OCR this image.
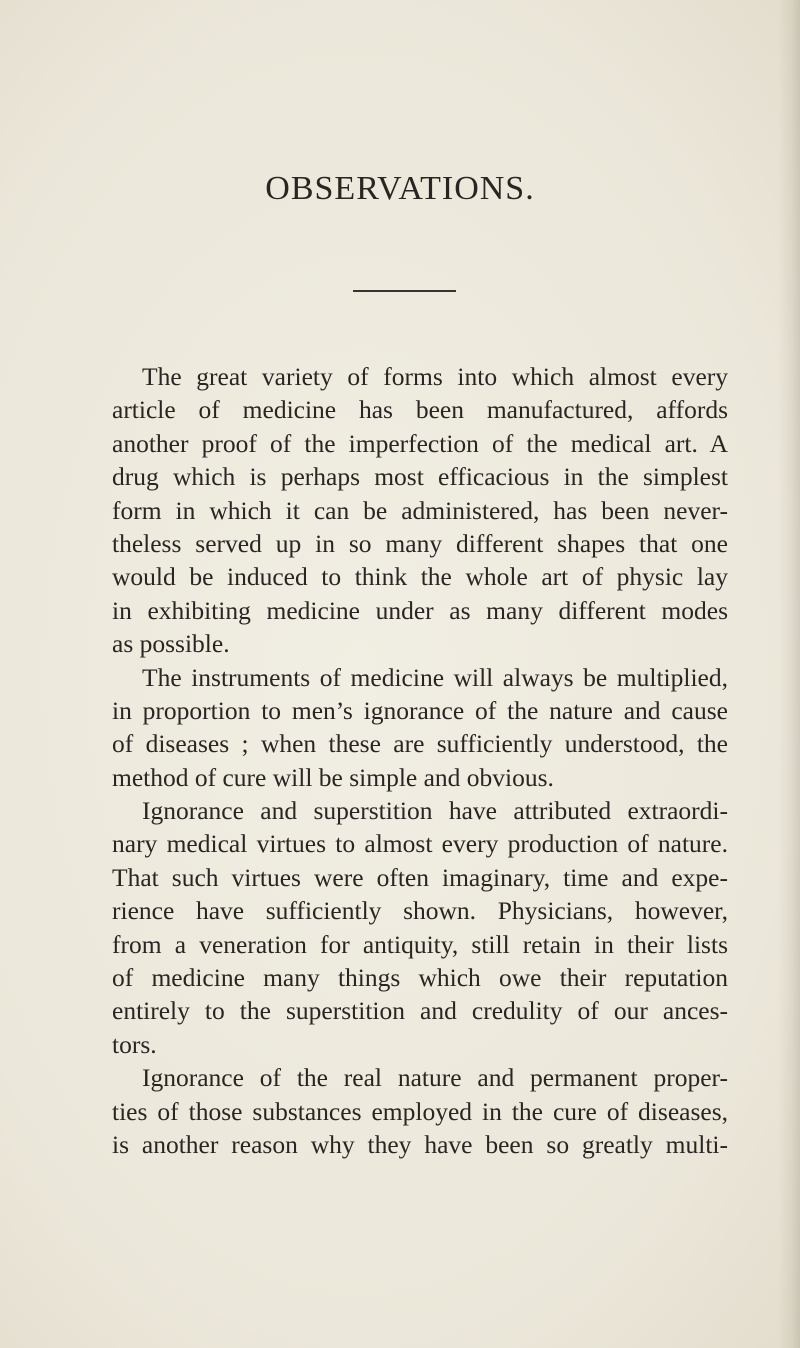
OBSERVATIONS.
The great variety of forms into which almost every
article of medicine has been manufactured, affords
another proof of the imperfection of the medical art. A
drug which is perhaps most efficacious in the simplest
form in which it can be administered, has been never-
theless served up in so many different shapes that one
would be induced to think the whole art of physic lay
in exhibiting medicine under as many different modes
as possible.
The instruments of medicine will always be multiplied,
in proportion to men’s ignorance of the nature and cause
of diseases ; when these are sufficiently understood, the
method of cure will be simple and obvious.
Ignorance and superstition have attributed extraordi-
nary medical virtues to almost every production of nature.
That such virtues were often imaginary, time and expe-
rience have sufficiently shown. Physicians, however,
from a veneration for antiquity, still retain in their lists
of medicine many things which owe their reputation
entirely to the superstition and credulity of our ances-
tors.
Ignorance of the real nature and permanent proper-
ties of those substances employed in the cure of diseases,
is another reason why they have been so greatly multi-
